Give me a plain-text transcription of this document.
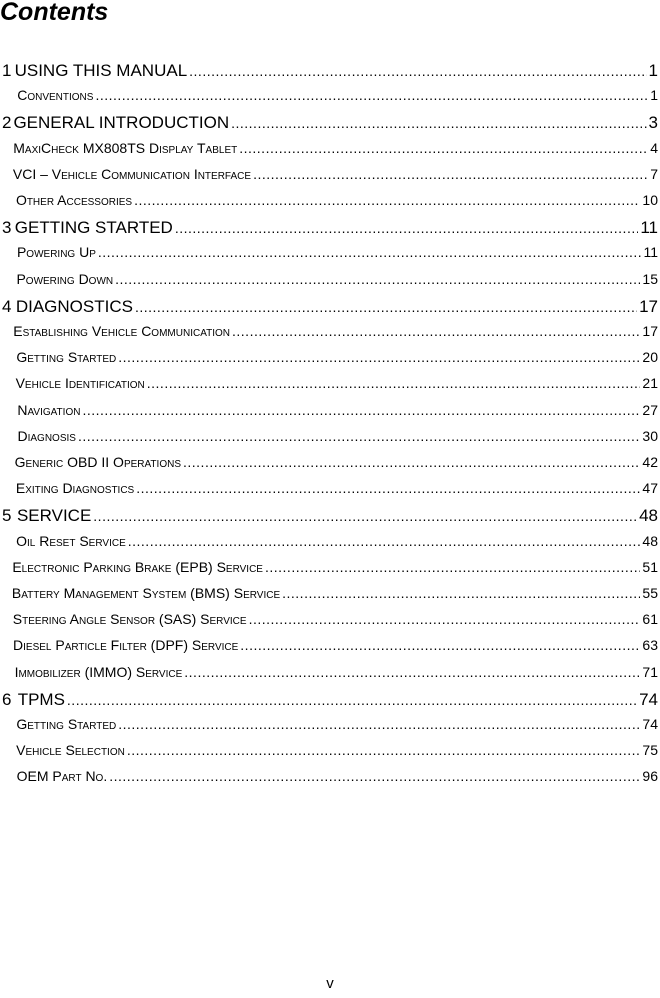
Contents
1 USING THIS MANUAL .....	1
Conventions .....	1
2 GENERAL INTRODUCTION .....	3
MaxiCheck MX808TS Display Tablet .....	4
VCI – Vehicle Communication Interface .....	7
Other Accessories .....	10
3 GETTING STARTED .....	11
Powering Up .....	11
Powering Down .....	15
4 DIAGNOSTICS .....	17
Establishing Vehicle Communication .....	17
Getting Started .....	20
Vehicle Identification .....	21
Navigation .....	27
Diagnosis .....	30
Generic OBD II Operations .....	42
Exiting Diagnostics .....	47
5 SERVICE .....	48
Oil Reset Service .....	48
Electronic Parking Brake (EPB) Service .....	51
Battery Management System (BMS) Service .....	55
Steering Angle Sensor (SAS) Service .....	61
Diesel Particle Filter (DPF) Service .....	63
Immobilizer (IMMO) Service .....	71
6 TPMS .....	74
Getting Started .....	74
Vehicle Selection .....	75
OEM Part No. .....	96
v
